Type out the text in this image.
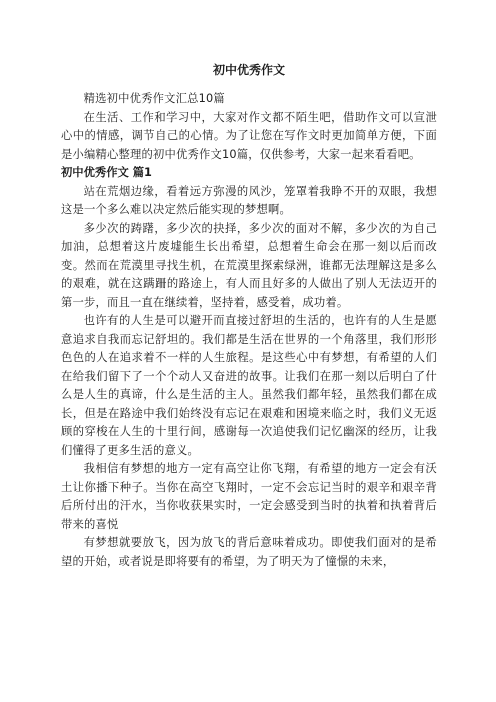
初中优秀作文

精选初中优秀作文汇总10篇

在生活、工作和学习中，大家对作文都不陌生吧，借助作文可以宣泄心中的情感，调节自己的心情。为了让您在写作文时更加简单方便，下面是小编精心整理的初中优秀作文10篇，仅供参考，大家一起来看看吧。

初中优秀作文 篇1

站在荒烟边缘，看着远方弥漫的风沙，笼罩着我睁不开的双眼，我想这是一个多么难以决定然后能实现的梦想啊。

多少次的踌躇，多少次的抉择，多少次的面对不解，多少次的为自己加油，总想着这片废墟能生长出希望，总想着生命会在那一刻以后而改变。然而在荒漠里寻找生机，在荒漠里探索绿洲，谁都无法理解这是多么的艰难，就在这蹒跚的路途上，有人而且好多的人做出了别人无法迈开的第一步，而且一直在继续着，坚持着，感受着，成功着。

也许有的人生是可以避开而直接过舒坦的生活的，也许有的人生是愿意追求自我而忘记舒坦的。我们都是生活在世界的一个角落里，我们形形色色的人在追求着不一样的人生旅程。是这些心中有梦想，有希望的人们在给我们留下了一个个动人又奋进的故事。让我们在那一刻以后明白了什么是人生的真谛，什么是生活的主人。虽然我们都年轻，虽然我们都在成长，但是在路途中我们始终没有忘记在艰难和困境来临之时，我们义无返顾的穿梭在人生的十里行间，感谢每一次追使我们记忆幽深的经历，让我们懂得了更多生活的意义。

我相信有梦想的地方一定有高空让你飞翔，有希望的地方一定会有沃土让你播下种子。当你在高空飞翔时，一定不会忘记当时的艰辛和艰辛背后所付出的汗水，当你收获果实时，一定会感受到当时的执着和执着背后带来的喜悦

有梦想就要放飞，因为放飞的背后意味着成功。即使我们面对的是希望的开始，或者说是即将要有的希望，为了明天为了憧憬的未来，
